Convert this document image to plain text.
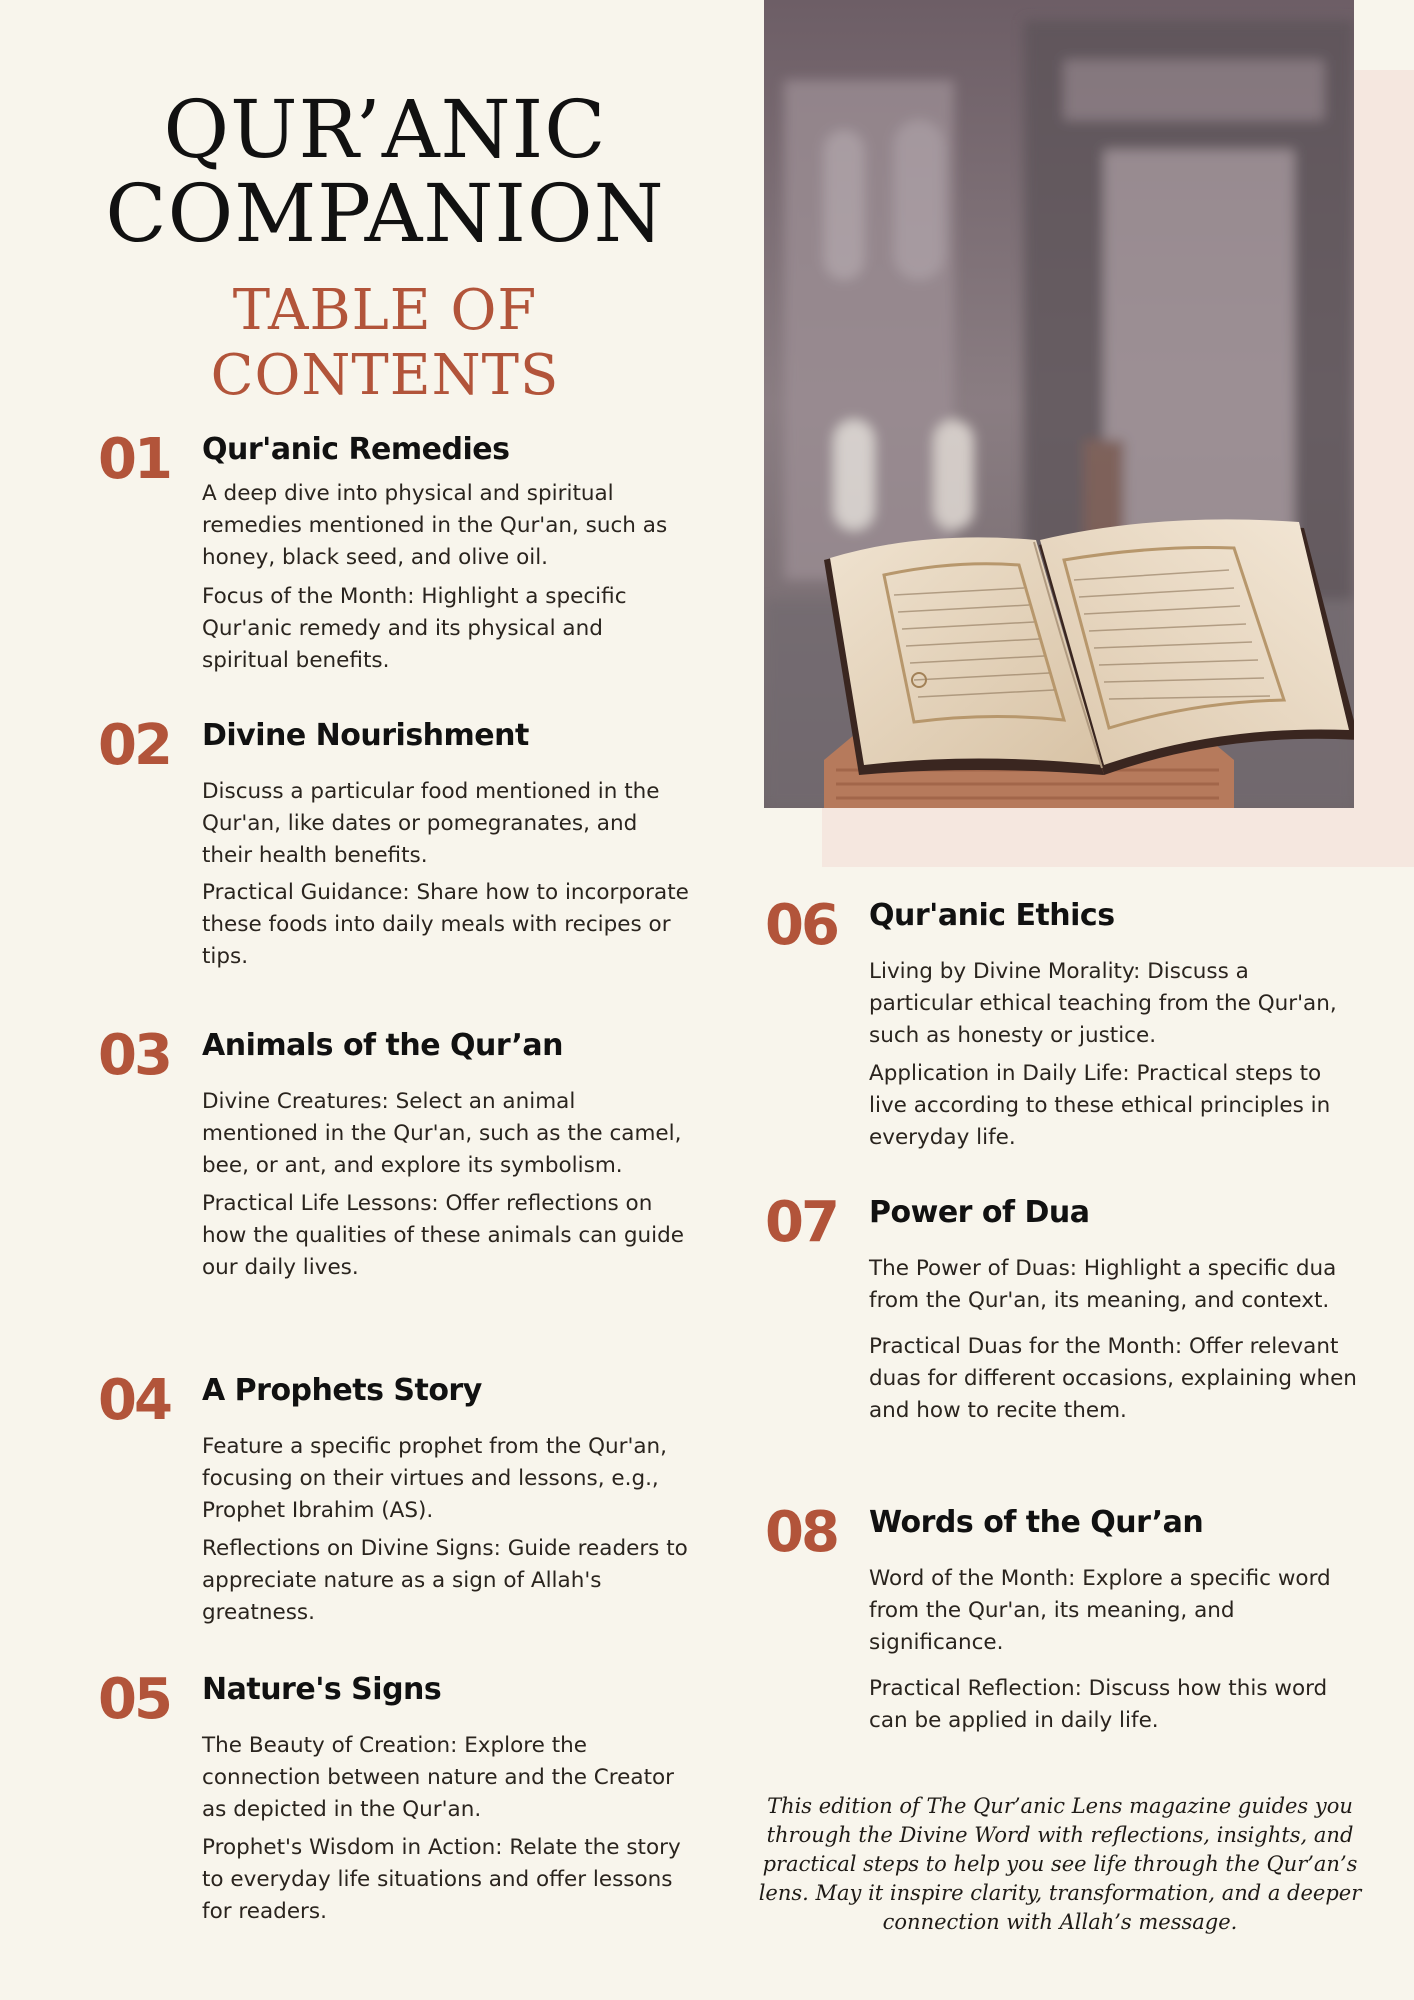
QUR’ANIC
COMPANION
TABLE OF CONTENTS
01 Qur'anic Remedies

A deep dive into physical and spiritual remedies mentioned in the Qur'an, such as honey, black seed, and olive oil.

Focus of the Month: Highlight a specific Qur'anic remedy and its physical and spiritual benefits.

02 Divine Nourishment

Discuss a particular food mentioned in the Qur'an, like dates or pomegranates, and their health benefits.

Practical Guidance: Share how to incorporate these foods into daily meals with recipes or tips.

03 Animals of the Qur’an

Divine Creatures: Select an animal mentioned in the Qur'an, such as the camel, bee, or ant, and explore its symbolism.

Practical Life Lessons: Offer reflections on how the qualities of these animals can guide our daily lives.

04 A Prophets Story

Feature a specific prophet from the Qur'an, focusing on their virtues and lessons, e.g., Prophet Ibrahim (AS).

Reflections on Divine Signs: Guide readers to appreciate nature as a sign of Allah's greatness.

05 Nature's Signs

The Beauty of Creation: Explore the connection between nature and the Creator as depicted in the Qur'an.

Prophet's Wisdom in Action: Relate the story to everyday life situations and offer lessons for readers.

06 Qur'anic Ethics

Living by Divine Morality: Discuss a particular ethical teaching from the Qur'an, such as honesty or justice.

Application in Daily Life: Practical steps to live according to these ethical principles in everyday life.

07 Power of Dua

The Power of Duas: Highlight a specific dua from the Qur'an, its meaning, and context.

Practical Duas for the Month: Offer relevant duas for different occasions, explaining when and how to recite them.

08 Words of the Qur’an

Word of the Month: Explore a specific word from the Qur'an, its meaning, and significance.

Practical Reflection: Discuss how this word can be applied in daily life.

This edition of The Qur’anic Lens magazine guides you through the Divine Word with reflections, insights, and practical steps to help you see life through the Qur’an’s lens. May it inspire clarity, transformation, and a deeper connection with Allah’s message.
